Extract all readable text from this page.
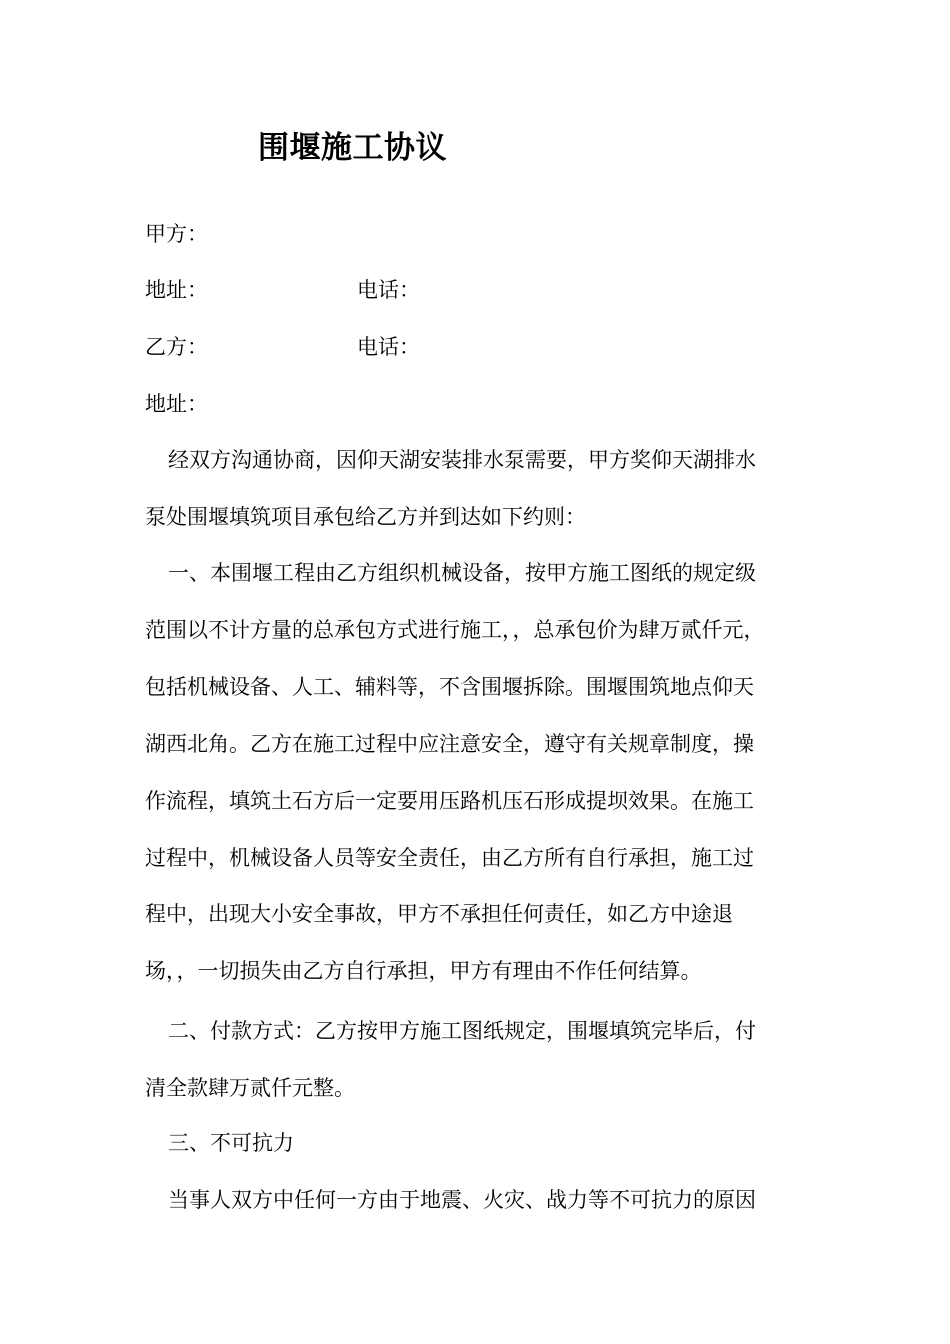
围堰施工协议
甲方：
地址：	电话：
乙方：	电话：
地址：
经双方沟通协商，因仰天湖安装排水泵需要，甲方奖仰天湖排水
泵处围堰填筑项目承包给乙方并到达如下约则：
一、本围堰工程由乙方组织机械设备，按甲方施工图纸的规定级
范围以不计方量的总承包方式进行施工，，总承包价为肆万贰仟元，
包括机械设备、人工、辅料等，不含围堰拆除。围堰围筑地点仰天
湖西北角。乙方在施工过程中应注意安全，遵守有关规章制度，操
作流程，填筑土石方后一定要用压路机压石形成提坝效果。在施工
过程中，机械设备人员等安全责任，由乙方所有自行承担，施工过
程中，出现大小安全事故，甲方不承担任何责任，如乙方中途退
场，，一切损失由乙方自行承担，甲方有理由不作任何结算。
二、付款方式：乙方按甲方施工图纸规定，围堰填筑完毕后，付
清全款肆万贰仟元整。
三、不可抗力
当事人双方中任何一方由于地震、火灾、战力等不可抗力的原因
